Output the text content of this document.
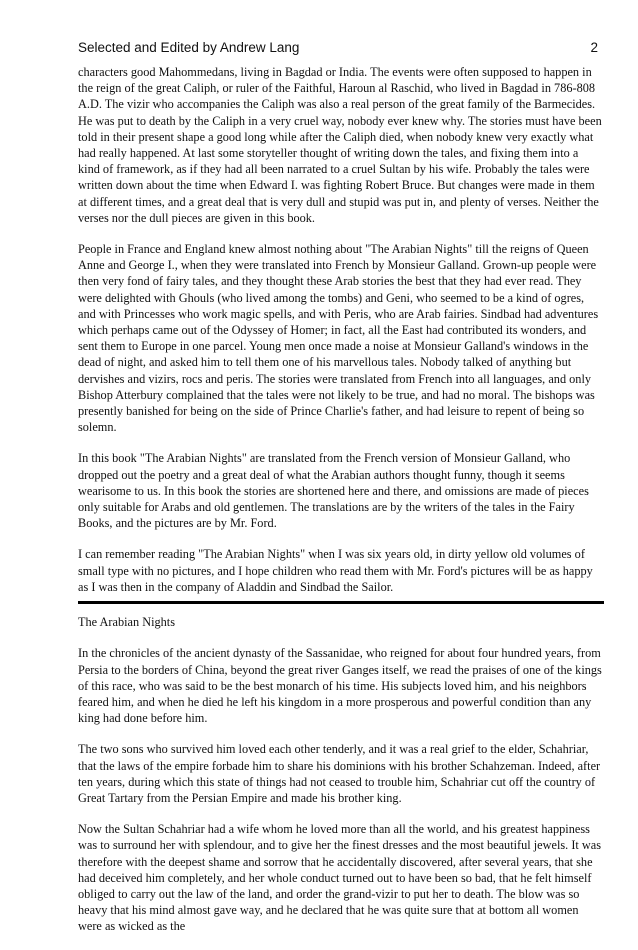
Selected and Edited by Andrew Lang	2

characters good Mahommedans, living in Bagdad or India. The events were often supposed to happen in the reign of the great Caliph, or ruler of the Faithful, Haroun al Raschid, who lived in Bagdad in 786-808 A.D. The vizir who accompanies the Caliph was also a real person of the great family of the Barmecides. He was put to death by the Caliph in a very cruel way, nobody ever knew why. The stories must have been told in their present shape a good long while after the Caliph died, when nobody knew very exactly what had really happened. At last some storyteller thought of writing down the tales, and fixing them into a kind of framework, as if they had all been narrated to a cruel Sultan by his wife. Probably the tales were written down about the time when Edward I. was fighting Robert Bruce. But changes were made in them at different times, and a great deal that is very dull and stupid was put in, and plenty of verses. Neither the verses nor the dull pieces are given in this book.

People in France and England knew almost nothing about "The Arabian Nights" till the reigns of Queen Anne and George I., when they were translated into French by Monsieur Galland. Grown-up people were then very fond of fairy tales, and they thought these Arab stories the best that they had ever read. They were delighted with Ghouls (who lived among the tombs) and Geni, who seemed to be a kind of ogres, and with Princesses who work magic spells, and with Peris, who are Arab fairies. Sindbad had adventures which perhaps came out of the Odyssey of Homer; in fact, all the East had contributed its wonders, and sent them to Europe in one parcel. Young men once made a noise at Monsieur Galland's windows in the dead of night, and asked him to tell them one of his marvellous tales. Nobody talked of anything but dervishes and vizirs, rocs and peris. The stories were translated from French into all languages, and only Bishop Atterbury complained that the tales were not likely to be true, and had no moral. The bishops was presently banished for being on the side of Prince Charlie's father, and had leisure to repent of being so solemn.

In this book "The Arabian Nights" are translated from the French version of Monsieur Galland, who dropped out the poetry and a great deal of what the Arabian authors thought funny, though it seems wearisome to us. In this book the stories are shortened here and there, and omissions are made of pieces only suitable for Arabs and old gentlemen. The translations are by the writers of the tales in the Fairy Books, and the pictures are by Mr. Ford.

I can remember reading "The Arabian Nights" when I was six years old, in dirty yellow old volumes of small type with no pictures, and I hope children who read them with Mr. Ford's pictures will be as happy as I was then in the company of Aladdin and Sindbad the Sailor.

The Arabian Nights

In the chronicles of the ancient dynasty of the Sassanidae, who reigned for about four hundred years, from Persia to the borders of China, beyond the great river Ganges itself, we read the praises of one of the kings of this race, who was said to be the best monarch of his time. His subjects loved him, and his neighbors feared him, and when he died he left his kingdom in a more prosperous and powerful condition than any king had done before him.

The two sons who survived him loved each other tenderly, and it was a real grief to the elder, Schahriar, that the laws of the empire forbade him to share his dominions with his brother Schahzeman. Indeed, after ten years, during which this state of things had not ceased to trouble him, Schahriar cut off the country of Great Tartary from the Persian Empire and made his brother king.

Now the Sultan Schahriar had a wife whom he loved more than all the world, and his greatest happiness was to surround her with splendour, and to give her the finest dresses and the most beautiful jewels. It was therefore with the deepest shame and sorrow that he accidentally discovered, after several years, that she had deceived him completely, and her whole conduct turned out to have been so bad, that he felt himself obliged to carry out the law of the land, and order the grand-vizir to put her to death. The blow was so heavy that his mind almost gave way, and he declared that he was quite sure that at bottom all women were as wicked as the
